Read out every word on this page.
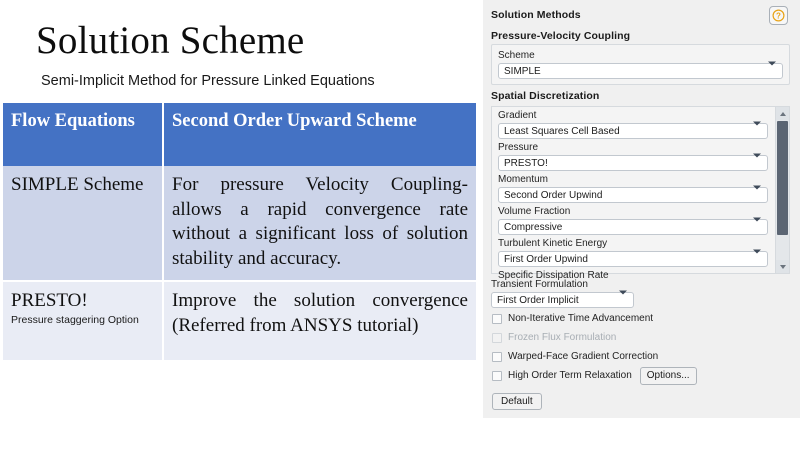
Solution Scheme
Semi-Implicit Method for Pressure Linked Equations
Flow Equations	Second Order Upward Scheme
SIMPLE Scheme	For pressure Velocity Coupling- allows a rapid convergence rate without a significant loss of solution stability and accuracy.
PRESTO!
Pressure staggering Option	Improve the solution convergence (Referred from ANSYS tutorial)
Solution Methods	?
Pressure-Velocity Coupling
Scheme
SIMPLE
Spatial Discretization
Gradient
Least Squares Cell Based
Pressure
PRESTO!
Momentum
Second Order Upwind
Volume Fraction
Compressive
Turbulent Kinetic Energy
First Order Upwind
Specific Dissipation Rate
Transient Formulation
First Order Implicit
Non-Iterative Time Advancement
Frozen Flux Formulation
Warped-Face Gradient Correction
High Order Term Relaxation	Options...
Default
